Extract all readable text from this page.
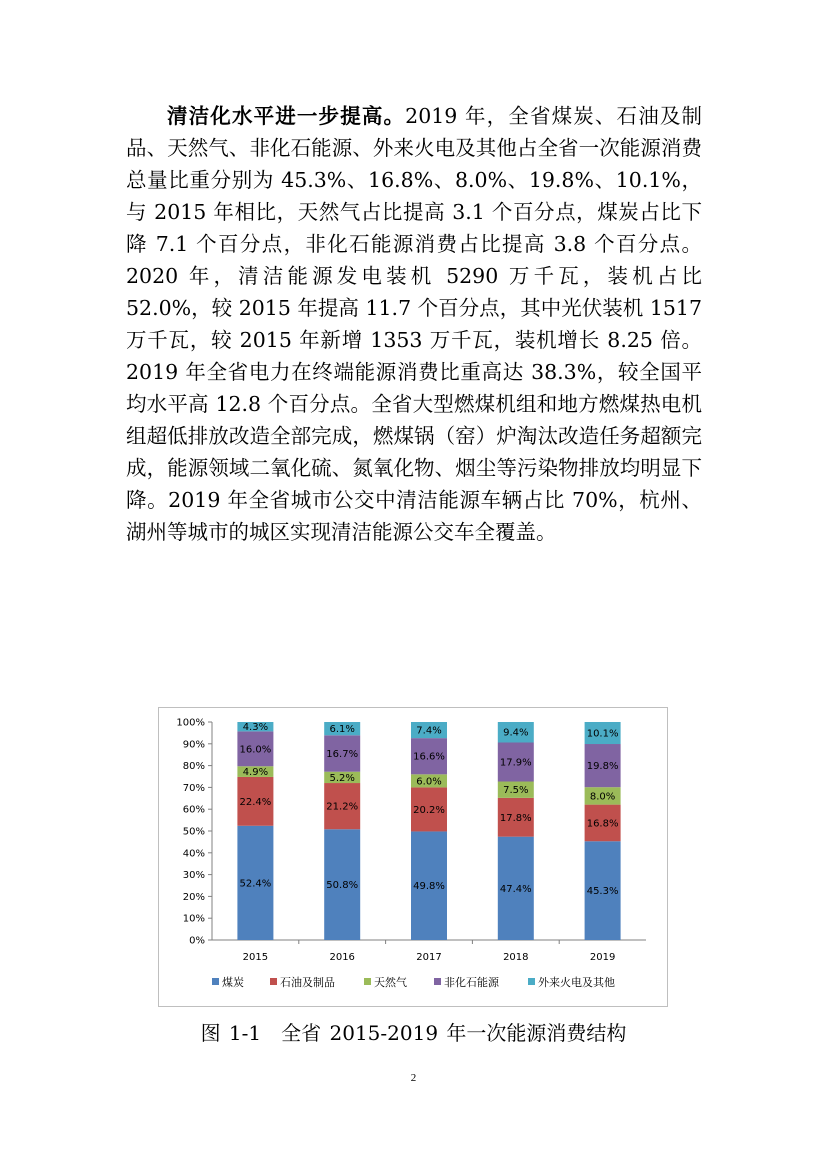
清洁化水平进一步提高。2019 年，全省煤炭、石油及制品、天然气、非化石能源、外来火电及其他占全省一次能源消费总量比重分别为 45.3%、16.8%、8.0%、19.8%、10.1%，与 2015 年相比，天然气占比提高 3.1 个百分点，煤炭占比下降 7.1 个百分点，非化石能源消费占比提高 3.8 个百分点。2020 年，清洁能源发电装机 5290 万千瓦，装机占比 52.0%，较 2015 年提高 11.7 个百分点，其中光伏装机 1517 万千瓦，较 2015 年新增 1353 万千瓦，装机增长 8.25 倍。2019 年全省电力在终端能源消费比重高达 38.3%，较全国平均水平高 12.8 个百分点。全省大型燃煤机组和地方燃煤热电机组超低排放改造全部完成，燃煤锅（窑）炉淘汰改造任务超额完成，能源领域二氧化硫、氮氧化物、烟尘等污染物排放均明显下降。2019 年全省城市公交中清洁能源车辆占比 70%，杭州、湖州等城市的城区实现清洁能源公交车全覆盖。

0%
10%
20%
30%
40%
50%
60%
70%
80%
90%
100%
52.4%
22.4%
4.9%
16.0%
4.3%
2015
50.8%
21.2%
5.2%
16.7%
6.1%
2016
49.8%
20.2%
6.0%
16.6%
7.4%
2017
47.4%
17.8%
7.5%
17.9%
9.4%
2018
45.3%
16.8%
8.0%
19.8%
10.1%
2019
煤炭	石油及制品	天然气	非化石能源	外来火电及其他
图 1-1　全省 2015-2019 年一次能源消费结构
2
